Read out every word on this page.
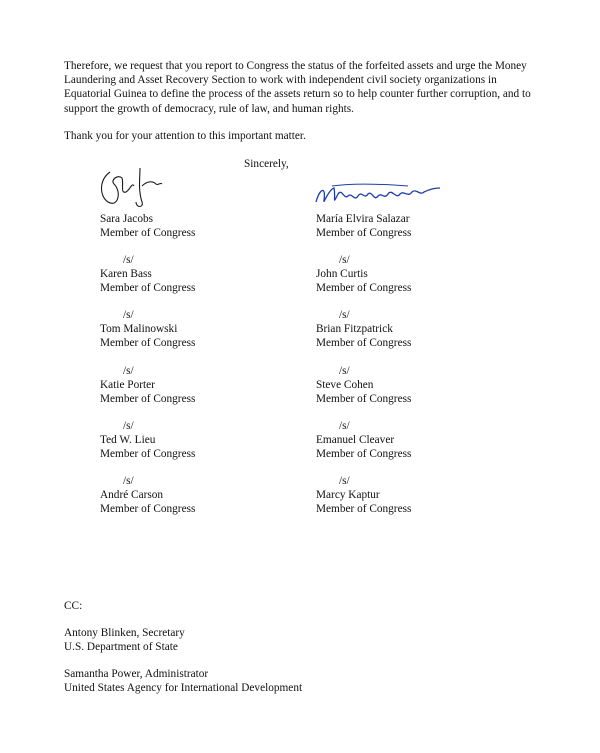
Therefore, we request that you report to Congress the status of the forfeited assets and urge the Money Laundering and Asset Recovery Section to work with independent civil society organizations in Equatorial Guinea to define the process of the assets return so to help counter further corruption, and to support the growth of democracy, rule of law, and human rights.
Thank you for your attention to this important matter.
Sincerely,
Sara Jacobs
Member of Congress
/s/
Karen Bass
Member of Congress
/s/
Tom Malinowski
Member of Congress
/s/
Katie Porter
Member of Congress
/s/
Ted W. Lieu
Member of Congress
/s/
André Carson
Member of Congress
María Elvira Salazar
Member of Congress
/s/
John Curtis
Member of Congress
/s/
Brian Fitzpatrick
Member of Congress
/s/
Steve Cohen
Member of Congress
/s/
Emanuel Cleaver
Member of Congress
/s/
Marcy Kaptur
Member of Congress
CC:
Antony Blinken, Secretary
U.S. Department of State
Samantha Power, Administrator
United States Agency for International Development
